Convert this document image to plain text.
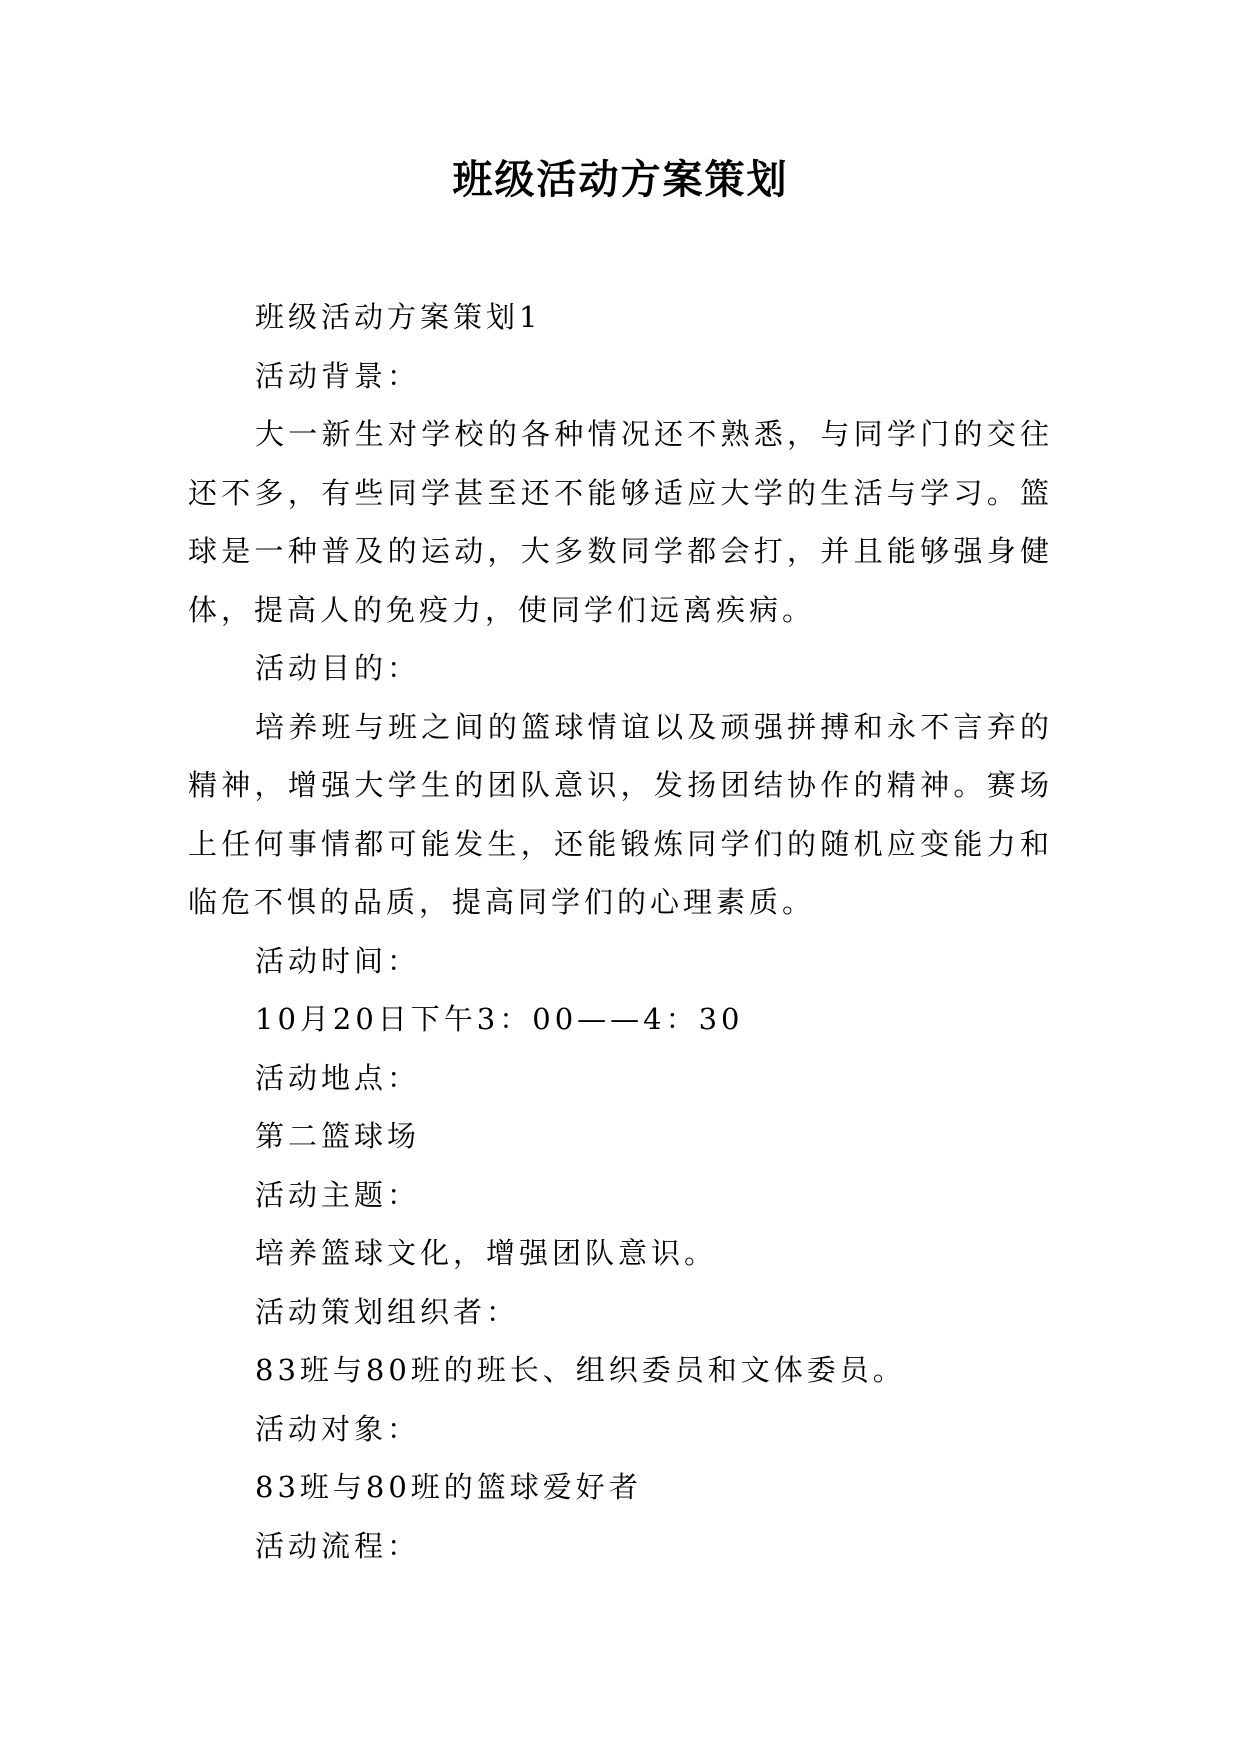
班级活动方案策划

班级活动方案策划1

活动背景：

大一新生对学校的各种情况还不熟悉，与同学门的交往还不多，有些同学甚至还不能够适应大学的生活与学习。篮球是一种普及的运动，大多数同学都会打，并且能够强身健体，提高人的免疫力，使同学们远离疾病。

活动目的：

培养班与班之间的篮球情谊以及顽强拼搏和永不言弃的精神，增强大学生的团队意识，发扬团结协作的精神。赛场上任何事情都可能发生，还能锻炼同学们的随机应变能力和临危不惧的品质，提高同学们的心理素质。

活动时间：

10月20日下午3：00——4：30

活动地点：

第二篮球场

活动主题：

培养篮球文化，增强团队意识。

活动策划组织者：

83班与80班的班长、组织委员和文体委员。

活动对象：

83班与80班的篮球爱好者

活动流程：
